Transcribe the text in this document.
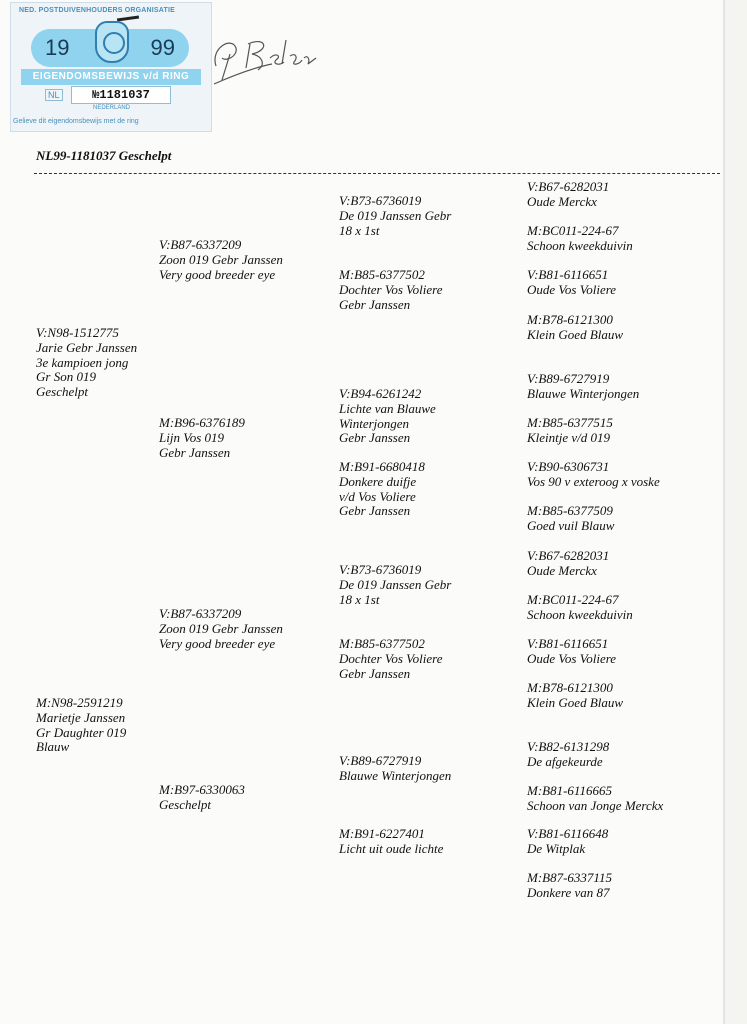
NED. POSTDUIVENHOUDERS ORGANISATIE
19	99
EIGENDOMSBEWIJS v/d RING
NL	№1181037
NEDERLAND
Gelieve dit eigendomsbewijs met de ring
NL99-1181037 Geschelpt
V:N98-1512775
Jarie Gebr Janssen
3e kampioen jong
Gr Son 019
Geschelpt
M:N98-2591219
Marietje Janssen
Gr Daughter 019
Blauw
V:B87-6337209
Zoon 019 Gebr Janssen
Very good breeder eye
M:B96-6376189
Lijn Vos 019
Gebr Janssen
V:B87-6337209
Zoon 019 Gebr Janssen
Very good breeder eye
M:B97-6330063
Geschelpt
V:B73-6736019
De 019 Janssen Gebr
18 x 1st
M:B85-6377502
Dochter Vos Voliere
Gebr Janssen
V:B94-6261242
Lichte van Blauwe
Winterjongen
Gebr Janssen
M:B91-6680418
Donkere duifje
v/d Vos Voliere
Gebr Janssen
V:B73-6736019
De 019 Janssen Gebr
18 x 1st
M:B85-6377502
Dochter Vos Voliere
Gebr Janssen
V:B89-6727919
Blauwe Winterjongen
M:B91-6227401
Licht uit oude lichte
V:B67-6282031
Oude Merckx
M:BC011-224-67
Schoon kweekduivin
V:B81-6116651
Oude Vos Voliere
M:B78-6121300
Klein Goed Blauw
V:B89-6727919
Blauwe Winterjongen
M:B85-6377515
Kleintje v/d 019
V:B90-6306731
Vos 90 v exteroog x voske
M:B85-6377509
Goed vuil Blauw
V:B67-6282031
Oude Merckx
M:BC011-224-67
Schoon kweekduivin
V:B81-6116651
Oude Vos Voliere
M:B78-6121300
Klein Goed Blauw
V:B82-6131298
De afgekeurde
M:B81-6116665
Schoon van Jonge Merckx
V:B81-6116648
De Witplak
M:B87-6337115
Donkere van 87
